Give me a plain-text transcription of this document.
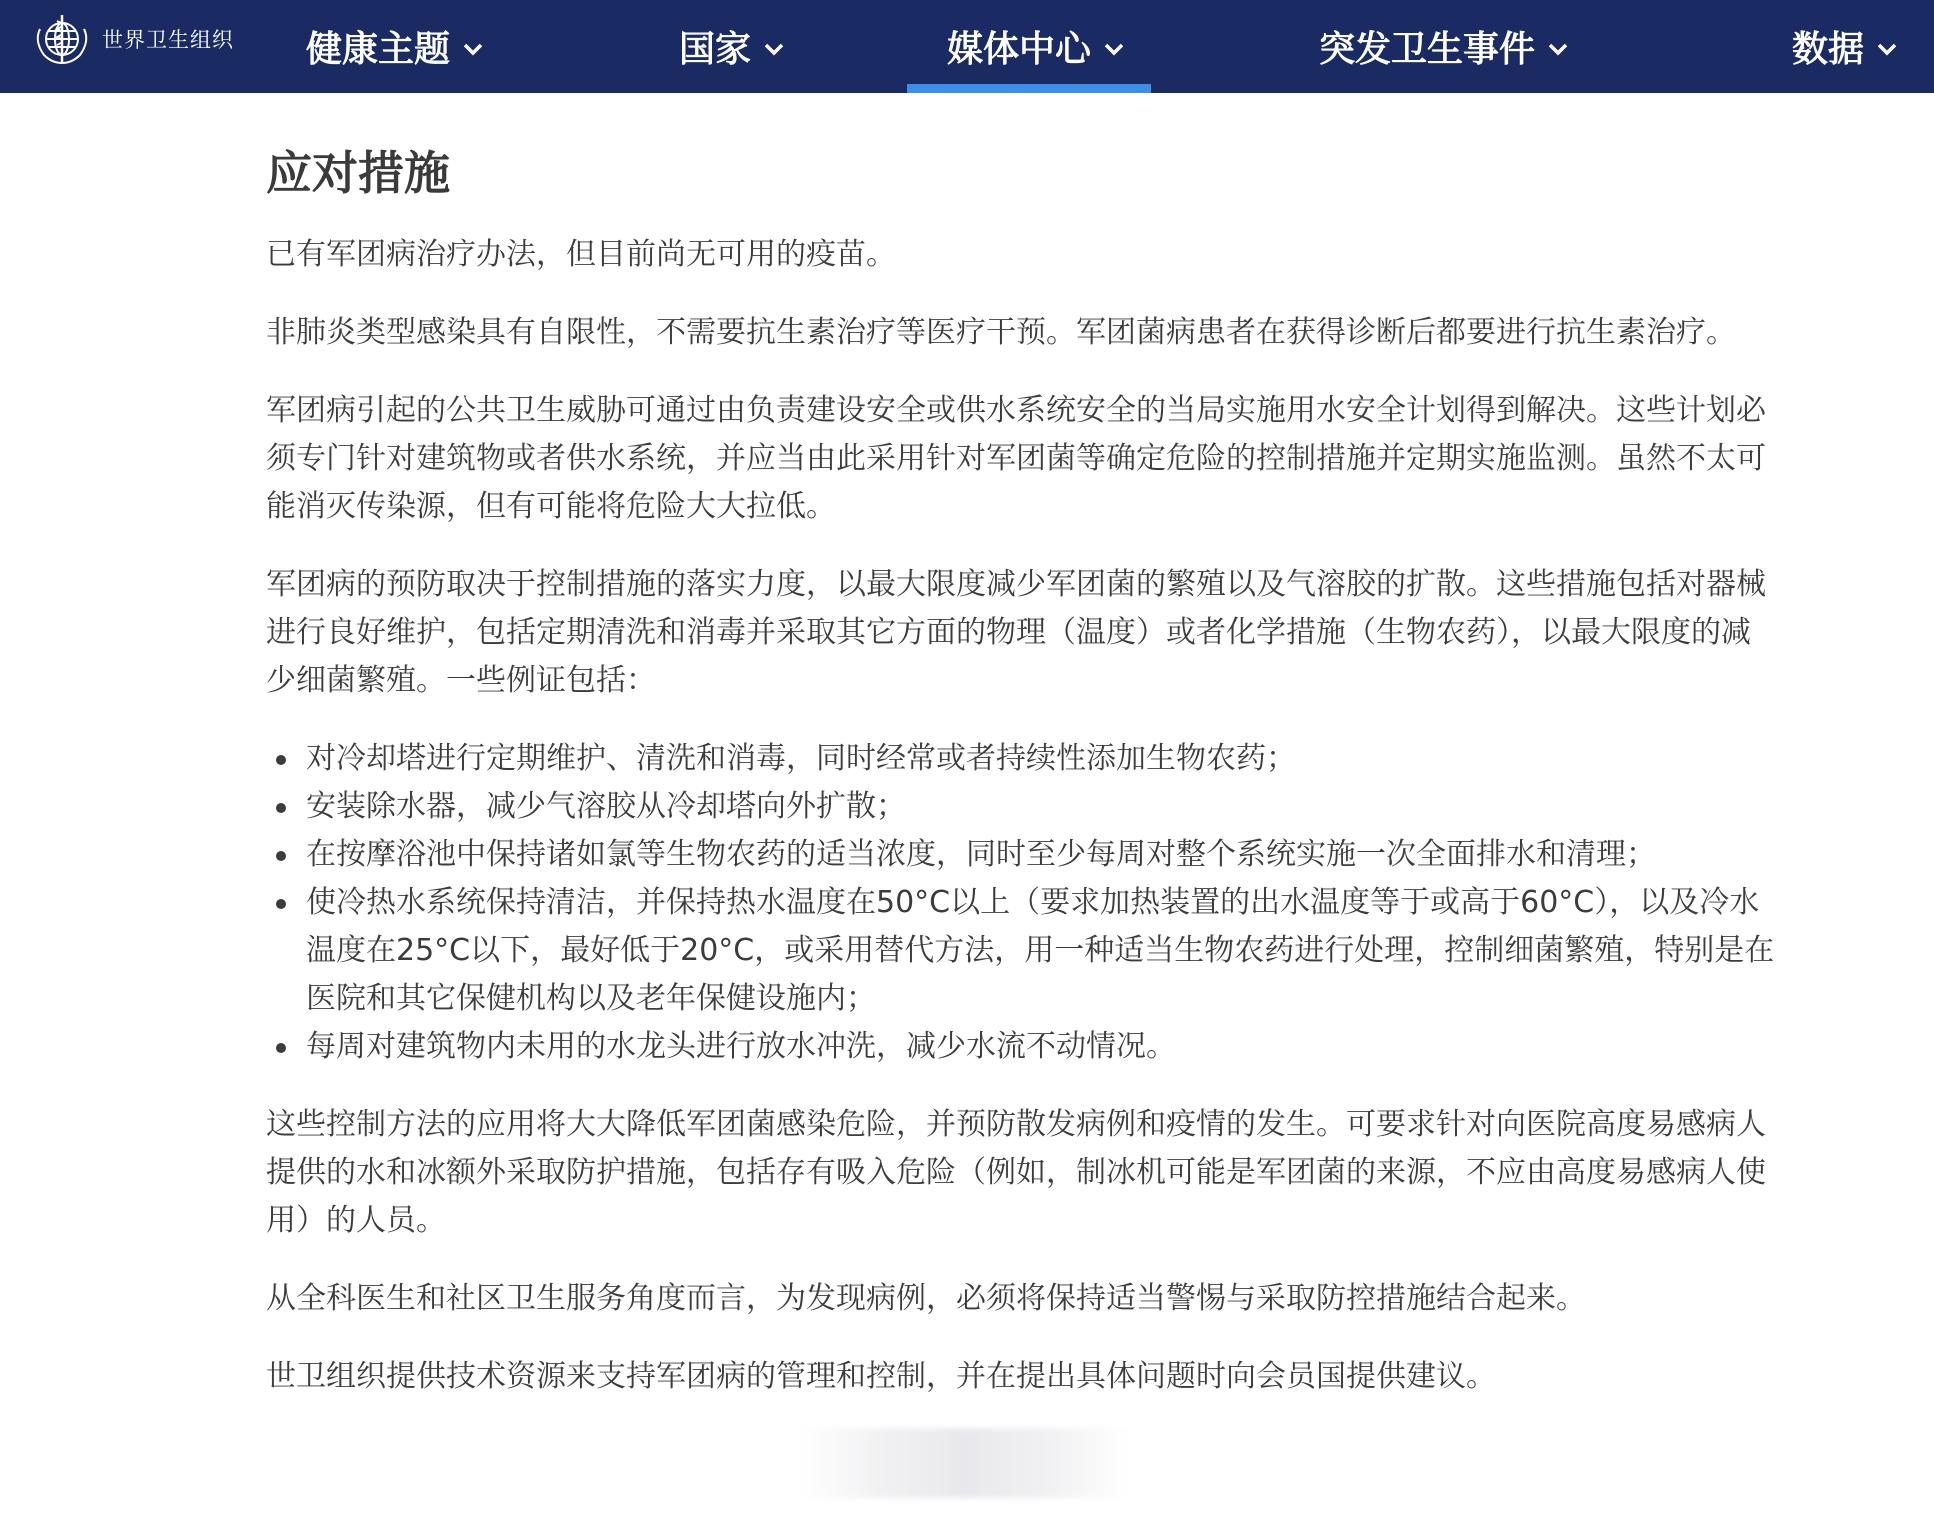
世界卫生组织 健康主题	国家	媒体中心	突发卫生事件	数据
应对措施

已有军团病治疗办法，但目前尚无可用的疫苗。

非肺炎类型感染具有自限性，不需要抗生素治疗等医疗干预。军团菌病患者在获得诊断后都要进行抗生素治疗。

军团病引起的公共卫生威胁可通过由负责建设安全或供水系统安全的当局实施用水安全计划得到解决。这些计划必须专门针对建筑物或者供水系统，并应当由此采用针对军团菌等确定危险的控制措施并定期实施监测。虽然不太可能消灭传染源，但有可能将危险大大拉低。

军团病的预防取决于控制措施的落实力度，以最大限度减少军团菌的繁殖以及气溶胶的扩散。这些措施包括对器械进行良好维护，包括定期清洗和消毒并采取其它方面的物理（温度）或者化学措施（生物农药），以最大限度的减少细菌繁殖。一些例证包括：

对冷却塔进行定期维护、清洗和消毒，同时经常或者持续性添加生物农药；
安装除水器，减少气溶胶从冷却塔向外扩散；
在按摩浴池中保持诸如氯等生物农药的适当浓度，同时至少每周对整个系统实施一次全面排水和清理；
使冷热水系统保持清洁，并保持热水温度在50°C以上（要求加热装置的出水温度等于或高于60°C），以及冷水温度在25°C以下，最好低于20°C，或采用替代方法，用一种适当生物农药进行处理，控制细菌繁殖，特别是在医院和其它保健机构以及老年保健设施内；
每周对建筑物内未用的水龙头进行放水冲洗，减少水流不动情况。

这些控制方法的应用将大大降低军团菌感染危险，并预防散发病例和疫情的发生。可要求针对向医院高度易感病人提供的水和冰额外采取防护措施，包括存有吸入危险（例如，制冰机可能是军团菌的来源，不应由高度易感病人使用）的人员。

从全科医生和社区卫生服务角度而言，为发现病例，必须将保持适当警惕与采取防控措施结合起来。

世卫组织提供技术资源来支持军团病的管理和控制，并在提出具体问题时向会员国提供建议。
